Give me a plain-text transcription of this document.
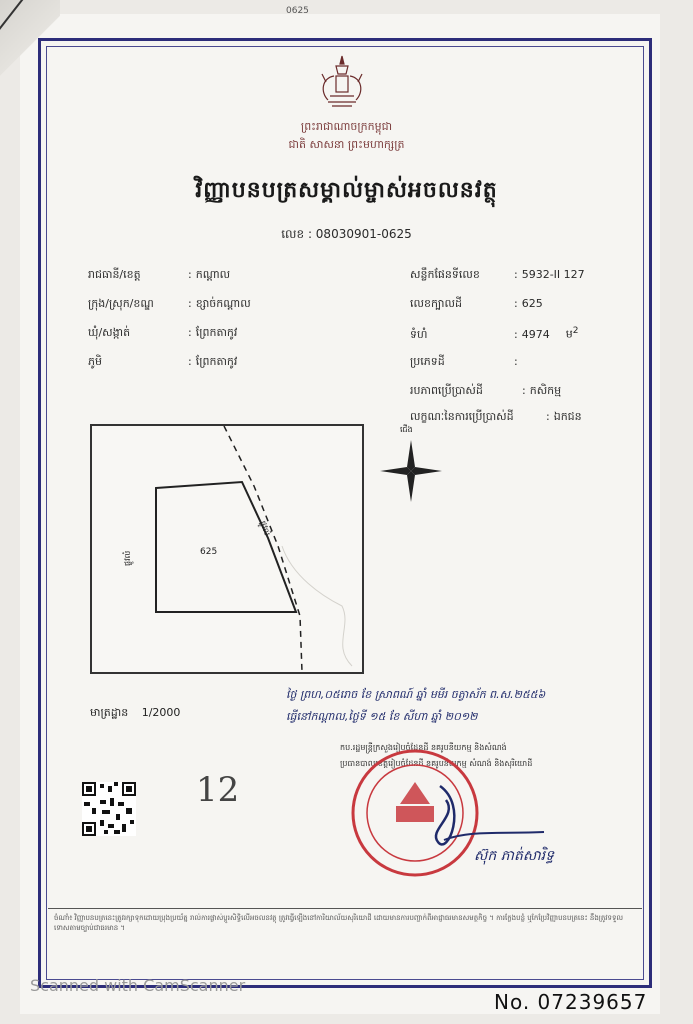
0625
ព្រះរាជាណាចក្រកម្ពុជា
ជាតិ សាសនា ព្រះមហាក្សត្រ
វិញ្ញាបនបត្រសម្គាល់ម្ចាស់អចលនវត្ថុ
លេខ : 08030901-0625
រាជធានី/ខេត្ត	: កណ្ដាល
ក្រុង/ស្រុក/ខណ្ឌ	: ខ្សាច់កណ្ដាល
ឃុំ/សង្កាត់	: ព្រែកតាកូវ
ភូមិ	: ព្រែកតាកូវ
សន្លឹកផែនទីលេខ	: 5932-II 127
លេខក្បាលដី	: 625
ទំហំ	: 4974 ម$^2$
ប្រភេទដី	:
របភាពប្រើប្រាស់ដី	: កសិកម្ម
លក្ខណៈនៃការប្រើប្រាស់ដី	: ឯកជន
625
ផ្លូវលំ
ផ្លូវលំ
ជើង
មាត្រដ្ឋាន 1/2000
ថ្ងៃ ព្រហ,០៥រោច ខែ ស្រាពណ៍ ឆ្នាំ មមីរ ចត្វាស័ក ព.ស.២៥៥៦
ធ្វើនៅកណ្ដាល,ថ្ងៃទី ១៥ ខែ សីហា ឆ្នាំ ២០១២
កប.រដ្ឋមន្ត្រីក្រសួងរៀបចំដែនដី នគរូបនីយកម្ម និងសំណង់
ប្រធានបាលខេត្តរៀបចំដែនដី នគរូបនីយកម្ម សំណង់ និងសុរិយោដី
12
ស៊ុក ភាត់សារិទ្ធ
ចំណាំ៖ វិញ្ញាបនបត្រនេះត្រូវរក្សាទុកដោយប្រុងប្រយ័ត្ន រាល់ការផ្លាស់ប្តូរសិទ្ធិលើអចលនវត្ថុ ត្រូវធ្វើឡើងនៅការិយាល័យសុរិយោដី ដោយមានការបញ្ជាក់ពីអាជ្ញាធរមានសមត្ថកិច្ច ។ ការក្លែងបន្លំ ឬកែប្រែវិញ្ញាបនបត្រនេះ នឹងត្រូវទទួលទោសតាមច្បាប់ជាធរមាន ។
Scanned with CamScanner
No. 07239657
